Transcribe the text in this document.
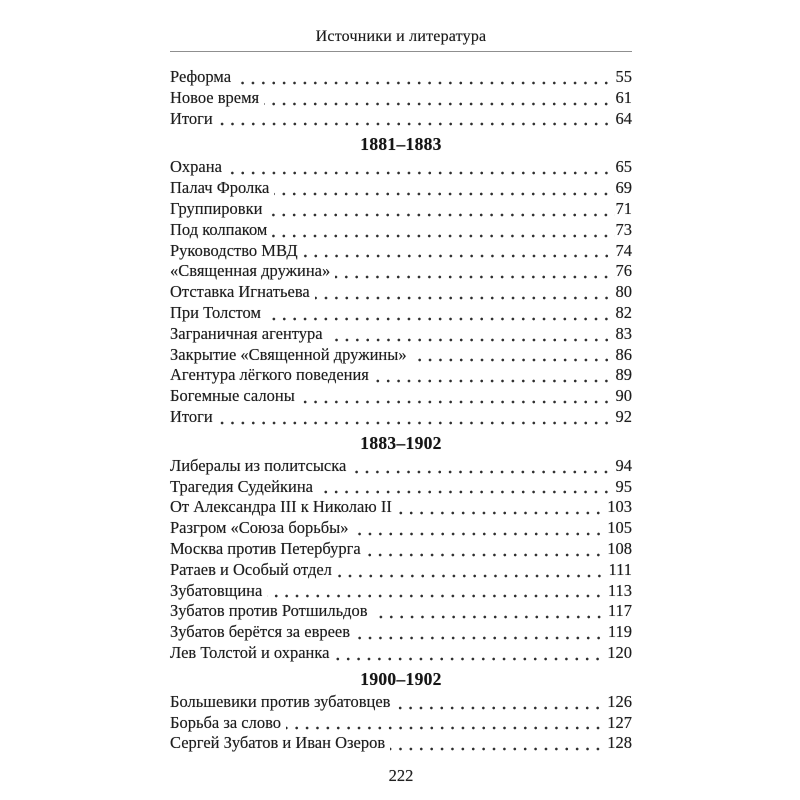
Источники и литература
Реформа	55
Новое время	61
Итоги	64
1881–1883
Охрана	65
Палач Фролка	69
Группировки	71
Под колпаком	73
Руководство МВД	74
«Священная дружина»	76
Отставка Игнатьева	80
При Толстом	82
Заграничная агентура	83
Закрытие «Священной дружины»	86
Агентура лёгкого поведения	89
Богемные салоны	90
Итоги	92
1883–1902
Либералы из политсыска	94
Трагедия Судейкина	95
От Александра III к Николаю II	103
Разгром «Союза борьбы»	105
Москва против Петербурга	108
Ратаев и Особый отдел	111
Зубатовщина	113
Зубатов против Ротшильдов	117
Зубатов берётся за евреев	119
Лев Толстой и охранка	120
1900–1902
Большевики против зубатовцев	126
Борьба за слово	127
Сергей Зубатов и Иван Озеров	128
222
